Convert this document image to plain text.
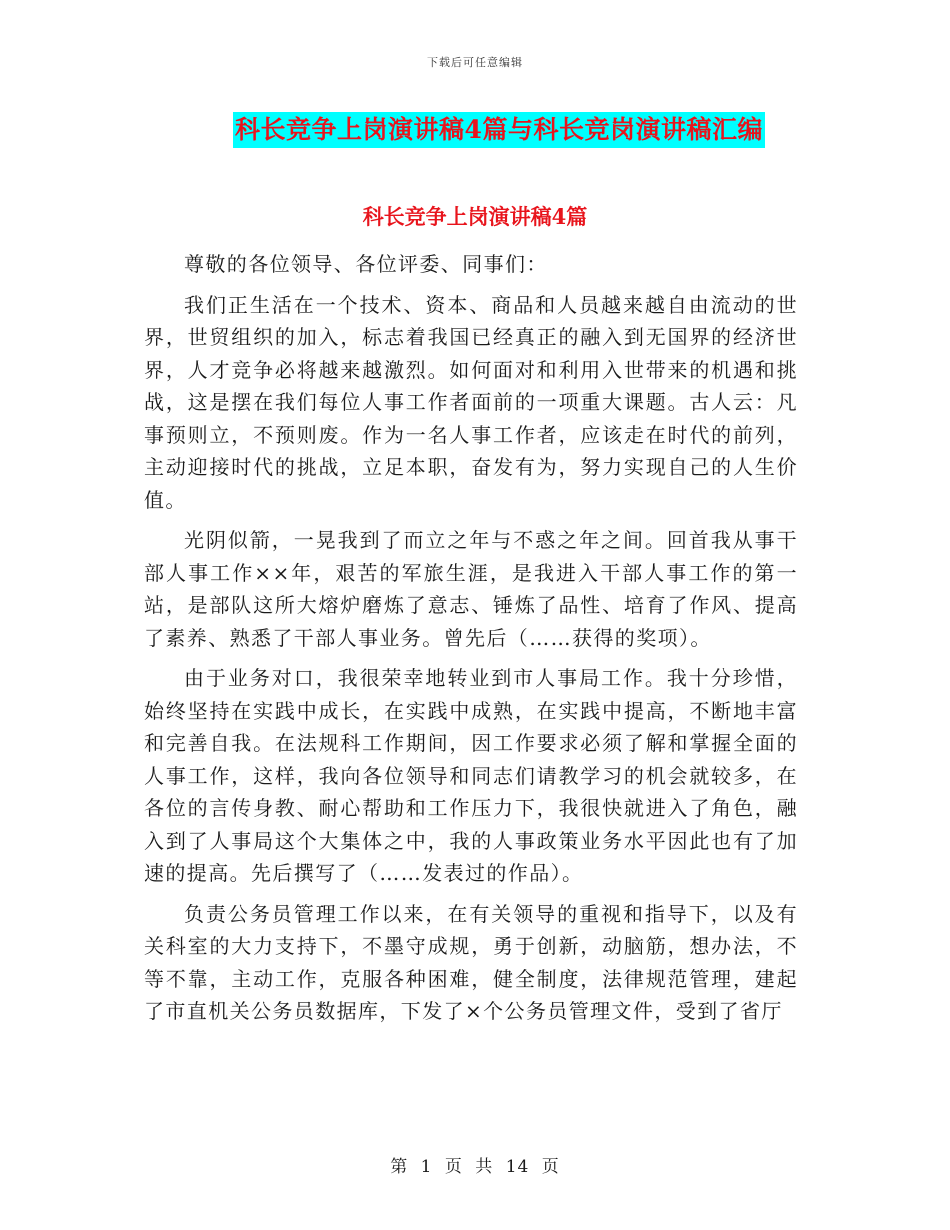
下载后可任意编辑
科长竞争上岗演讲稿4篇与科长竞岗演讲稿汇编
科长竞争上岗演讲稿4篇

尊敬的各位领导、各位评委、同事们：

我们正生活在一个技术、资本、商品和人员越来越自由流动的世界，世贸组织的加入，标志着我国已经真正的融入到无国界的经济世界，人才竞争必将越来越激烈。如何面对和利用入世带来的机遇和挑战，这是摆在我们每位人事工作者面前的一项重大课题。古人云：凡事预则立，不预则废。作为一名人事工作者，应该走在时代的前列，主动迎接时代的挑战，立足本职，奋发有为，努力实现自己的人生价值。

光阴似箭，一晃我到了而立之年与不惑之年之间。回首我从事干部人事工作××年，艰苦的军旅生涯，是我进入干部人事工作的第一站，是部队这所大熔炉磨炼了意志、锤炼了品性、培育了作风、提高了素养、熟悉了干部人事业务。曾先后（……获得的奖项）。

由于业务对口，我很荣幸地转业到市人事局工作。我十分珍惜，始终坚持在实践中成长，在实践中成熟，在实践中提高，不断地丰富和完善自我。在法规科工作期间，因工作要求必须了解和掌握全面的人事工作，这样，我向各位领导和同志们请教学习的机会就较多，在各位的言传身教、耐心帮助和工作压力下，我很快就进入了角色，融入到了人事局这个大集体之中，我的人事政策业务水平因此也有了加速的提高。先后撰写了（……发表过的作品）。

负责公务员管理工作以来，在有关领导的重视和指导下，以及有关科室的大力支持下，不墨守成规，勇于创新，动脑筋，想办法，不等不靠，主动工作，克服各种困难，健全制度，法律规范管理，建起了市直机关公务员数据库，下发了×个公务员管理文件，受到了省厅

第 1 页 共 14 页
